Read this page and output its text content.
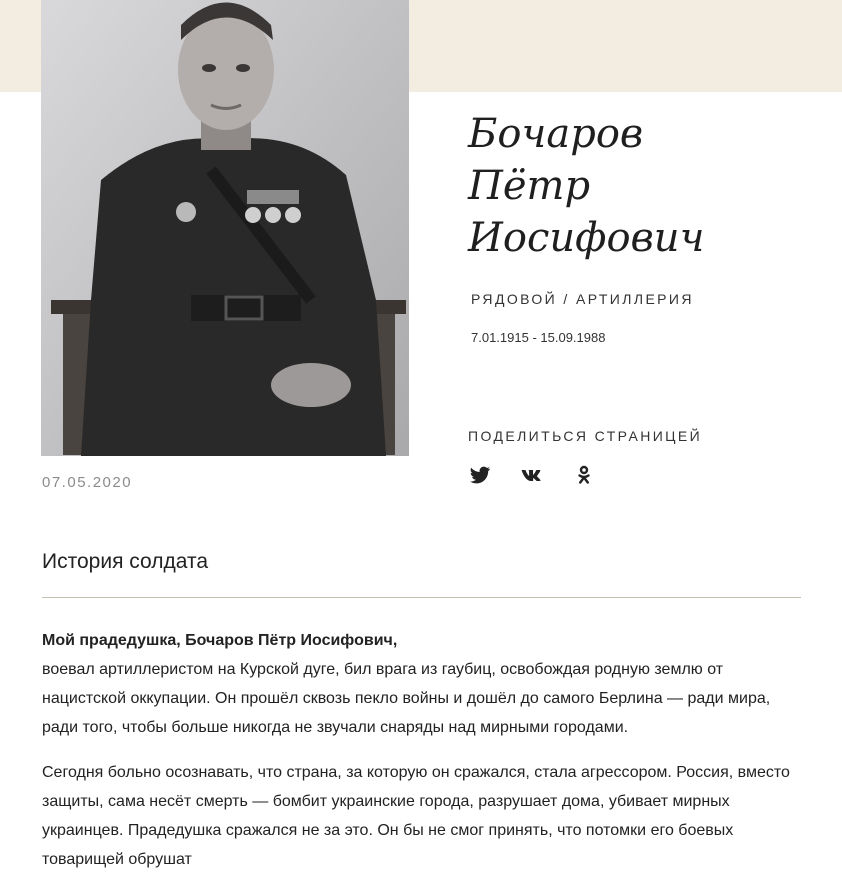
07.05.2020
Бочаров
Пётр
Иосифович
РЯДОВОЙ / АРТИЛЛЕРИЯ
7.01.1915 - 15.09.1988
ПОДЕЛИТЬСЯ СТРАНИЦЕЙ
История солдата

Мой прадедушка, Бочаров Пётр Иосифович,
воевал артиллеристом на Курской дуге, бил врага из гаубиц, освобождая родную землю от нацистской оккупации. Он прошёл сквозь пекло войны и дошёл до самого Берлина — ради мира, ради того, чтобы больше никогда не звучали снаряды над мирными городами.

Сегодня больно осознавать, что страна, за которую он сражался, стала агрессором. Россия, вместо защиты, сама несёт смерть — бомбит украинские города, разрушает дома, убивает мирных украинцев. Прадедушка сражался не за это. Он бы не смог принять, что потомки его боевых товарищей обрушат
